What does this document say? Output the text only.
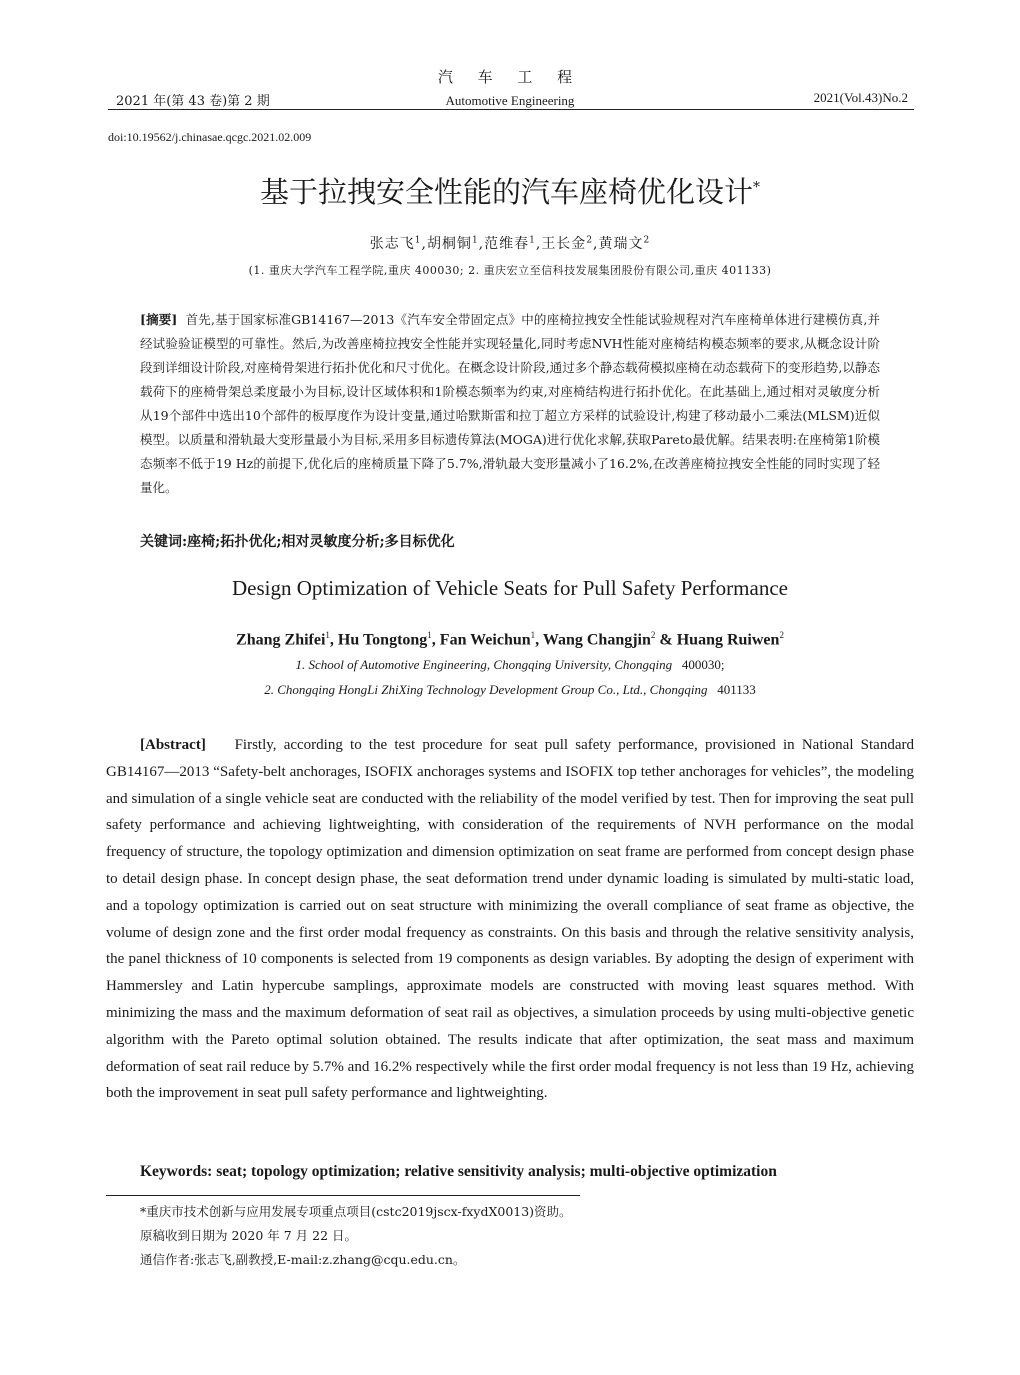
汽 车 工 程
2021 年(第 43 卷)第 2 期	Automotive Engineering	2021(Vol.43)No.2
doi:10.19562/j.chinasae.qcgc.2021.02.009
基于拉拽安全性能的汽车座椅优化设计*
张志飞$^1$,胡桐铜$^1$,范维春$^1$,王长金$^2$,黄瑞文$^2$
(1. 重庆大学汽车工程学院,重庆 400030; 2. 重庆宏立至信科技发展集团股份有限公司,重庆 401133)
[摘要] 首先,基于国家标准GB14167—2013《汽车安全带固定点》中的座椅拉拽安全性能试验规程对汽车座椅单体进行建模仿真,并经试验验证模型的可靠性。然后,为改善座椅拉拽安全性能并实现轻量化,同时考虑NVH性能对座椅结构模态频率的要求,从概念设计阶段到详细设计阶段,对座椅骨架进行拓扑优化和尺寸优化。在概念设计阶段,通过多个静态载荷模拟座椅在动态载荷下的变形趋势,以静态载荷下的座椅骨架总柔度最小为目标,设计区域体积和1阶模态频率为约束,对座椅结构进行拓扑优化。在此基础上,通过相对灵敏度分析从19个部件中选出10个部件的板厚度作为设计变量,通过哈默斯雷和拉丁超立方采样的试验设计,构建了移动最小二乘法(MLSM)近似模型。以质量和滑轨最大变形量最小为目标,采用多目标遗传算法(MOGA)进行优化求解,获取Pareto最优解。结果表明:在座椅第1阶模态频率不低于19 Hz的前提下,优化后的座椅质量下降了5.7%,滑轨最大变形量减小了16.2%,在改善座椅拉拽安全性能的同时实现了轻量化。
关键词:座椅;拓扑优化;相对灵敏度分析;多目标优化
Design Optimization of Vehicle Seats for Pull Safety Performance
Zhang Zhifei$^1$, Hu Tongtong$^1$, Fan Weichun$^1$, Wang Changjin$^2$ & Huang Ruiwen$^2$
1. School of Automotive Engineering, Chongqing University, Chongqing 400030;
2. Chongqing HongLi ZhiXing Technology Development Group Co., Ltd., Chongqing 401133
[Abstract] Firstly, according to the test procedure for seat pull safety performance, provisioned in National Standard GB14167—2013 “Safety-belt anchorages, ISOFIX anchorages systems and ISOFIX top tether anchorages for vehicles”, the modeling and simulation of a single vehicle seat are conducted with the reliability of the model verified by test. Then for improving the seat pull safety performance and achieving lightweighting, with consideration of the requirements of NVH performance on the modal frequency of structure, the topology optimization and dimension optimization on seat frame are performed from concept design phase to detail design phase. In concept design phase, the seat deformation trend under dynamic loading is simulated by multi-static load, and a topology optimization is carried out on seat structure with minimizing the overall compliance of seat frame as objective, the volume of design zone and the first order modal frequency as constraints. On this basis and through the relative sensitivity analysis, the panel thickness of 10 components is selected from 19 components as design variables. By adopting the design of experiment with Hammersley and Latin hypercube samplings, approximate models are constructed with moving least squares method. With minimizing the mass and the maximum deformation of seat rail as objectives, a simulation proceeds by using multi-objective genetic algorithm with the Pareto optimal solution obtained. The results indicate that after optimization, the seat mass and maximum deformation of seat rail reduce by 5.7% and 16.2% respectively while the first order modal frequency is not less than 19 Hz, achieving both the improvement in seat pull safety performance and lightweighting.
Keywords: seat; topology optimization; relative sensitivity analysis; multi-objective optimization
*重庆市技术创新与应用发展专项重点项目(cstc2019jscx-fxydX0013)资助。
原稿收到日期为 2020 年 7 月 22 日。
通信作者:张志飞,副教授,E-mail:z.zhang@cqu.edu.cn。
